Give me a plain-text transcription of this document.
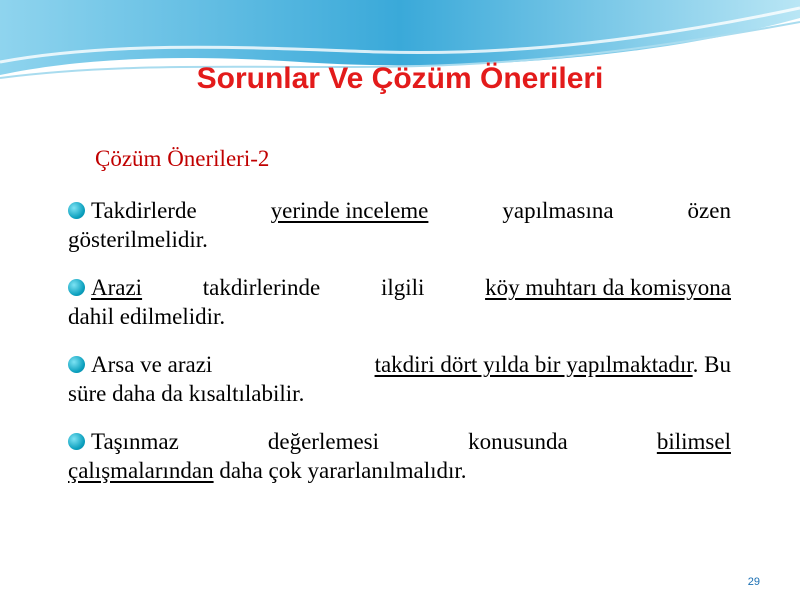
Sorunlar Ve Çözüm Önerileri

Çözüm Önerileri-2

Takdirlerde	yerinde inceleme	yapılmasına	özen
gösterilmelidir.
Arazi	takdirlerinde	ilgili	köy muhtarı da komisyona
dahil edilmelidir.
Arsa ve arazi	takdiri dört yılda bir yapılmaktadır. Bu
süre daha da kısaltılabilir.
Taşınmaz	değerlemesi	konusunda	bilimsel
çalışmalarından daha çok yararlanılmalıdır.
29
